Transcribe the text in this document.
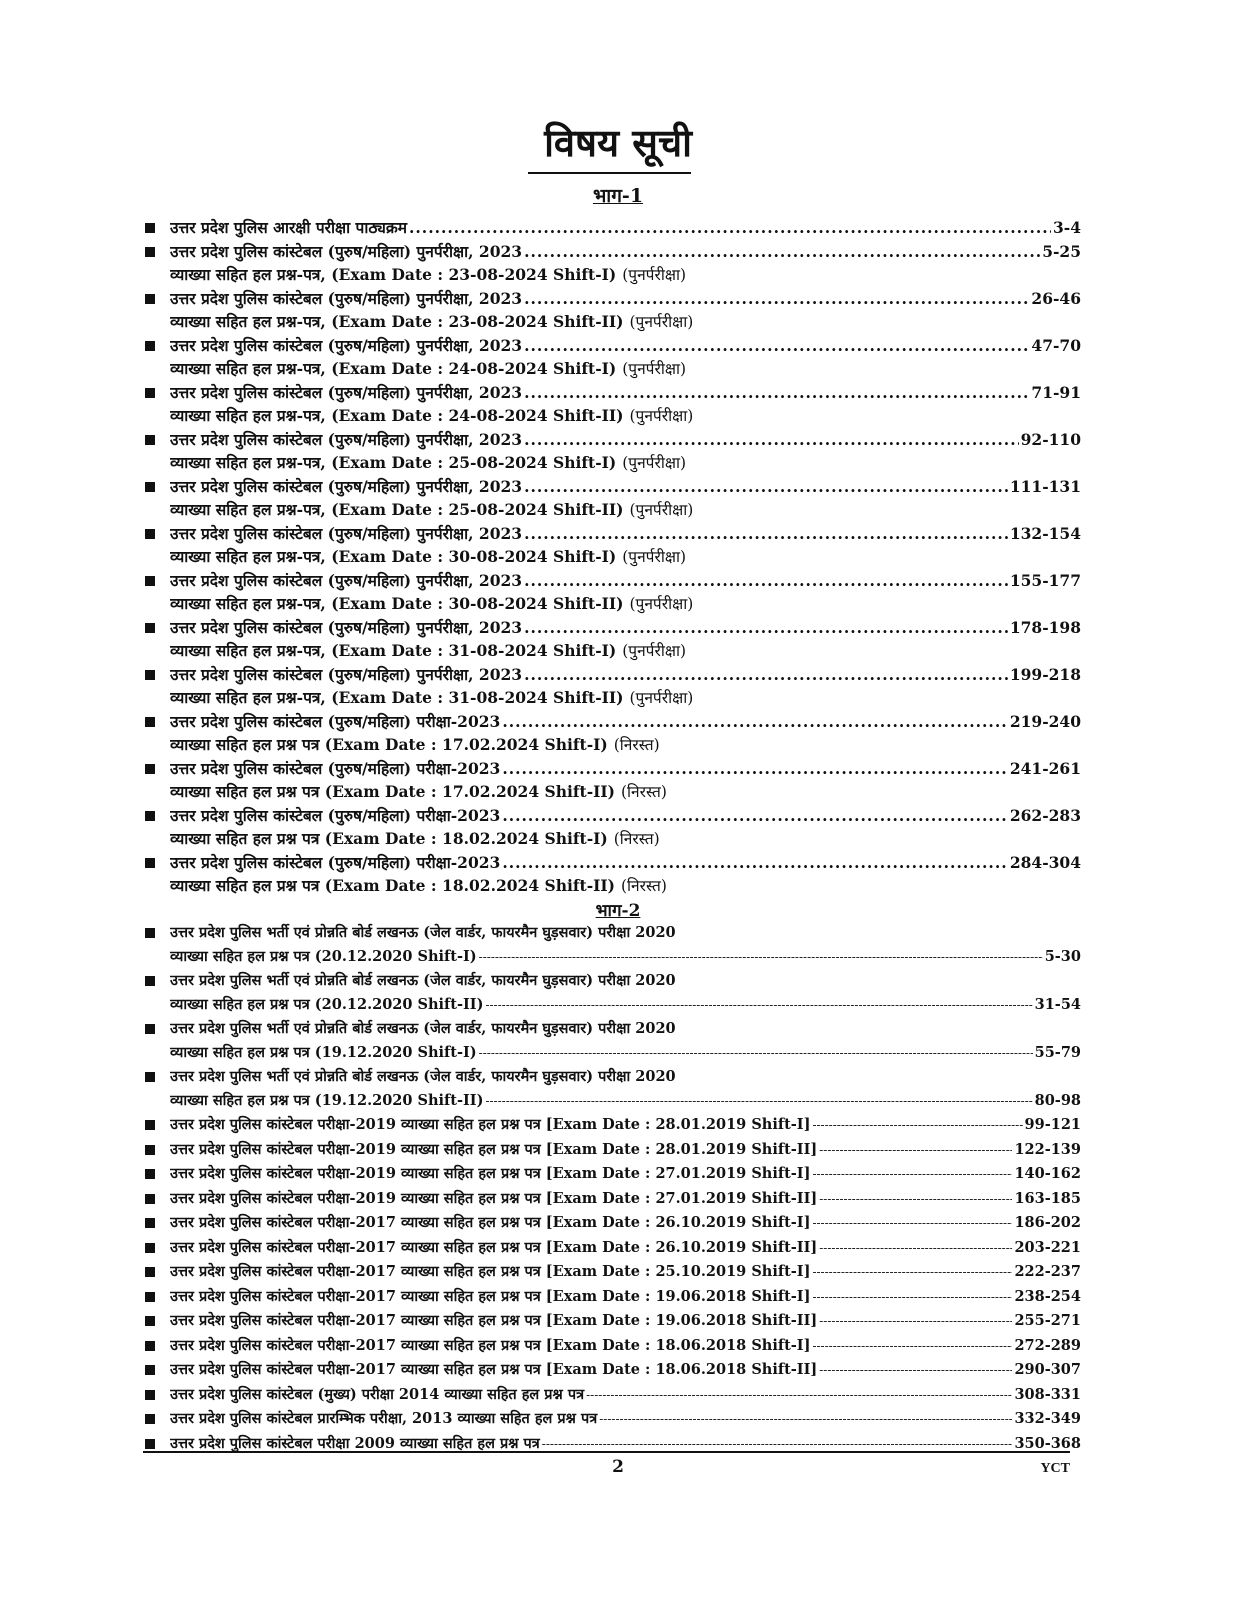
विषय सूची
भाग-1
उत्तर प्रदेश पुलिस आरक्षी परीक्षा पाठ्यक्रम .....	3-4
उत्तर प्रदेश पुलिस कांस्टेबल (पुरुष/महिला) पुनर्परीक्षा, 2023 .....	5-25
व्याख्या सहित हल प्रश्न-पत्र, (Exam Date : 23-08-2024 Shift-I) (पुनर्परीक्षा)
उत्तर प्रदेश पुलिस कांस्टेबल (पुरुष/महिला) पुनर्परीक्षा, 2023 .....	26-46
व्याख्या सहित हल प्रश्न-पत्र, (Exam Date : 23-08-2024 Shift-II) (पुनर्परीक्षा)
उत्तर प्रदेश पुलिस कांस्टेबल (पुरुष/महिला) पुनर्परीक्षा, 2023 .....	47-70
व्याख्या सहित हल प्रश्न-पत्र, (Exam Date : 24-08-2024 Shift-I) (पुनर्परीक्षा)
उत्तर प्रदेश पुलिस कांस्टेबल (पुरुष/महिला) पुनर्परीक्षा, 2023 .....	71-91
व्याख्या सहित हल प्रश्न-पत्र, (Exam Date : 24-08-2024 Shift-II) (पुनर्परीक्षा)
उत्तर प्रदेश पुलिस कांस्टेबल (पुरुष/महिला) पुनर्परीक्षा, 2023 .....	92-110
व्याख्या सहित हल प्रश्न-पत्र, (Exam Date : 25-08-2024 Shift-I) (पुनर्परीक्षा)
उत्तर प्रदेश पुलिस कांस्टेबल (पुरुष/महिला) पुनर्परीक्षा, 2023 .....	111-131
व्याख्या सहित हल प्रश्न-पत्र, (Exam Date : 25-08-2024 Shift-II) (पुनर्परीक्षा)
उत्तर प्रदेश पुलिस कांस्टेबल (पुरुष/महिला) पुनर्परीक्षा, 2023 .....	132-154
व्याख्या सहित हल प्रश्न-पत्र, (Exam Date : 30-08-2024 Shift-I) (पुनर्परीक्षा)
उत्तर प्रदेश पुलिस कांस्टेबल (पुरुष/महिला) पुनर्परीक्षा, 2023 .....	155-177
व्याख्या सहित हल प्रश्न-पत्र, (Exam Date : 30-08-2024 Shift-II) (पुनर्परीक्षा)
उत्तर प्रदेश पुलिस कांस्टेबल (पुरुष/महिला) पुनर्परीक्षा, 2023 .....	178-198
व्याख्या सहित हल प्रश्न-पत्र, (Exam Date : 31-08-2024 Shift-I) (पुनर्परीक्षा)
उत्तर प्रदेश पुलिस कांस्टेबल (पुरुष/महिला) पुनर्परीक्षा, 2023 .....	199-218
व्याख्या सहित हल प्रश्न-पत्र, (Exam Date : 31-08-2024 Shift-II) (पुनर्परीक्षा)
उत्तर प्रदेश पुलिस कांस्टेबल (पुरुष/महिला) परीक्षा-2023 .....	219-240
व्याख्या सहित हल प्रश्न पत्र (Exam Date : 17.02.2024 Shift-I) (निरस्त)
उत्तर प्रदेश पुलिस कांस्टेबल (पुरुष/महिला) परीक्षा-2023 .....	241-261
व्याख्या सहित हल प्रश्न पत्र (Exam Date : 17.02.2024 Shift-II) (निरस्त)
उत्तर प्रदेश पुलिस कांस्टेबल (पुरुष/महिला) परीक्षा-2023 .....	262-283
व्याख्या सहित हल प्रश्न पत्र (Exam Date : 18.02.2024 Shift-I) (निरस्त)
उत्तर प्रदेश पुलिस कांस्टेबल (पुरुष/महिला) परीक्षा-2023 .....	284-304
व्याख्या सहित हल प्रश्न पत्र (Exam Date : 18.02.2024 Shift-II) (निरस्त)
भाग-2
उत्तर प्रदेश पुलिस भर्ती एवं प्रोन्नति बोर्ड लखनऊ (जेल वार्डर, फायरमैन घुड़सवार) परीक्षा 2020
व्याख्या सहित हल प्रश्न पत्र (20.12.2020 Shift-I) -----	5-30
उत्तर प्रदेश पुलिस भर्ती एवं प्रोन्नति बोर्ड लखनऊ (जेल वार्डर, फायरमैन घुड़सवार) परीक्षा 2020
व्याख्या सहित हल प्रश्न पत्र (20.12.2020 Shift-II) -----	31-54
उत्तर प्रदेश पुलिस भर्ती एवं प्रोन्नति बोर्ड लखनऊ (जेल वार्डर, फायरमैन घुड़सवार) परीक्षा 2020
व्याख्या सहित हल प्रश्न पत्र (19.12.2020 Shift-I) -----	55-79
उत्तर प्रदेश पुलिस भर्ती एवं प्रोन्नति बोर्ड लखनऊ (जेल वार्डर, फायरमैन घुड़सवार) परीक्षा 2020
व्याख्या सहित हल प्रश्न पत्र (19.12.2020 Shift-II) -----	80-98
उत्तर प्रदेश पुलिस कांस्टेबल परीक्षा-2019 व्याख्या सहित हल प्रश्न पत्र [Exam Date : 28.01.2019 Shift-I] -----	99-121
उत्तर प्रदेश पुलिस कांस्टेबल परीक्षा-2019 व्याख्या सहित हल प्रश्न पत्र [Exam Date : 28.01.2019 Shift-II] -----	122-139
उत्तर प्रदेश पुलिस कांस्टेबल परीक्षा-2019 व्याख्या सहित हल प्रश्न पत्र [Exam Date : 27.01.2019 Shift-I] -----	140-162
उत्तर प्रदेश पुलिस कांस्टेबल परीक्षा-2019 व्याख्या सहित हल प्रश्न पत्र [Exam Date : 27.01.2019 Shift-II] -----	163-185
उत्तर प्रदेश पुलिस कांस्टेबल परीक्षा-2017 व्याख्या सहित हल प्रश्न पत्र [Exam Date : 26.10.2019 Shift-I] -----	186-202
उत्तर प्रदेश पुलिस कांस्टेबल परीक्षा-2017 व्याख्या सहित हल प्रश्न पत्र [Exam Date : 26.10.2019 Shift-II] -----	203-221
उत्तर प्रदेश पुलिस कांस्टेबल परीक्षा-2017 व्याख्या सहित हल प्रश्न पत्र [Exam Date : 25.10.2019 Shift-I] -----	222-237
उत्तर प्रदेश पुलिस कांस्टेबल परीक्षा-2017 व्याख्या सहित हल प्रश्न पत्र [Exam Date : 19.06.2018 Shift-I] -----	238-254
उत्तर प्रदेश पुलिस कांस्टेबल परीक्षा-2017 व्याख्या सहित हल प्रश्न पत्र [Exam Date : 19.06.2018 Shift-II] -----	255-271
उत्तर प्रदेश पुलिस कांस्टेबल परीक्षा-2017 व्याख्या सहित हल प्रश्न पत्र [Exam Date : 18.06.2018 Shift-I] -----	272-289
उत्तर प्रदेश पुलिस कांस्टेबल परीक्षा-2017 व्याख्या सहित हल प्रश्न पत्र [Exam Date : 18.06.2018 Shift-II] -----	290-307
उत्तर प्रदेश पुलिस कांस्टेबल (मुख्य) परीक्षा 2014 व्याख्या सहित हल प्रश्न पत्र -----	308-331
उत्तर प्रदेश पुलिस कांस्टेबल प्रारम्भिक परीक्षा, 2013 व्याख्या सहित हल प्रश्न पत्र -----	332-349
उत्तर प्रदेश पुलिस कांस्टेबल परीक्षा 2009 व्याख्या सहित हल प्रश्न पत्र -----	350-368
2	YCT
